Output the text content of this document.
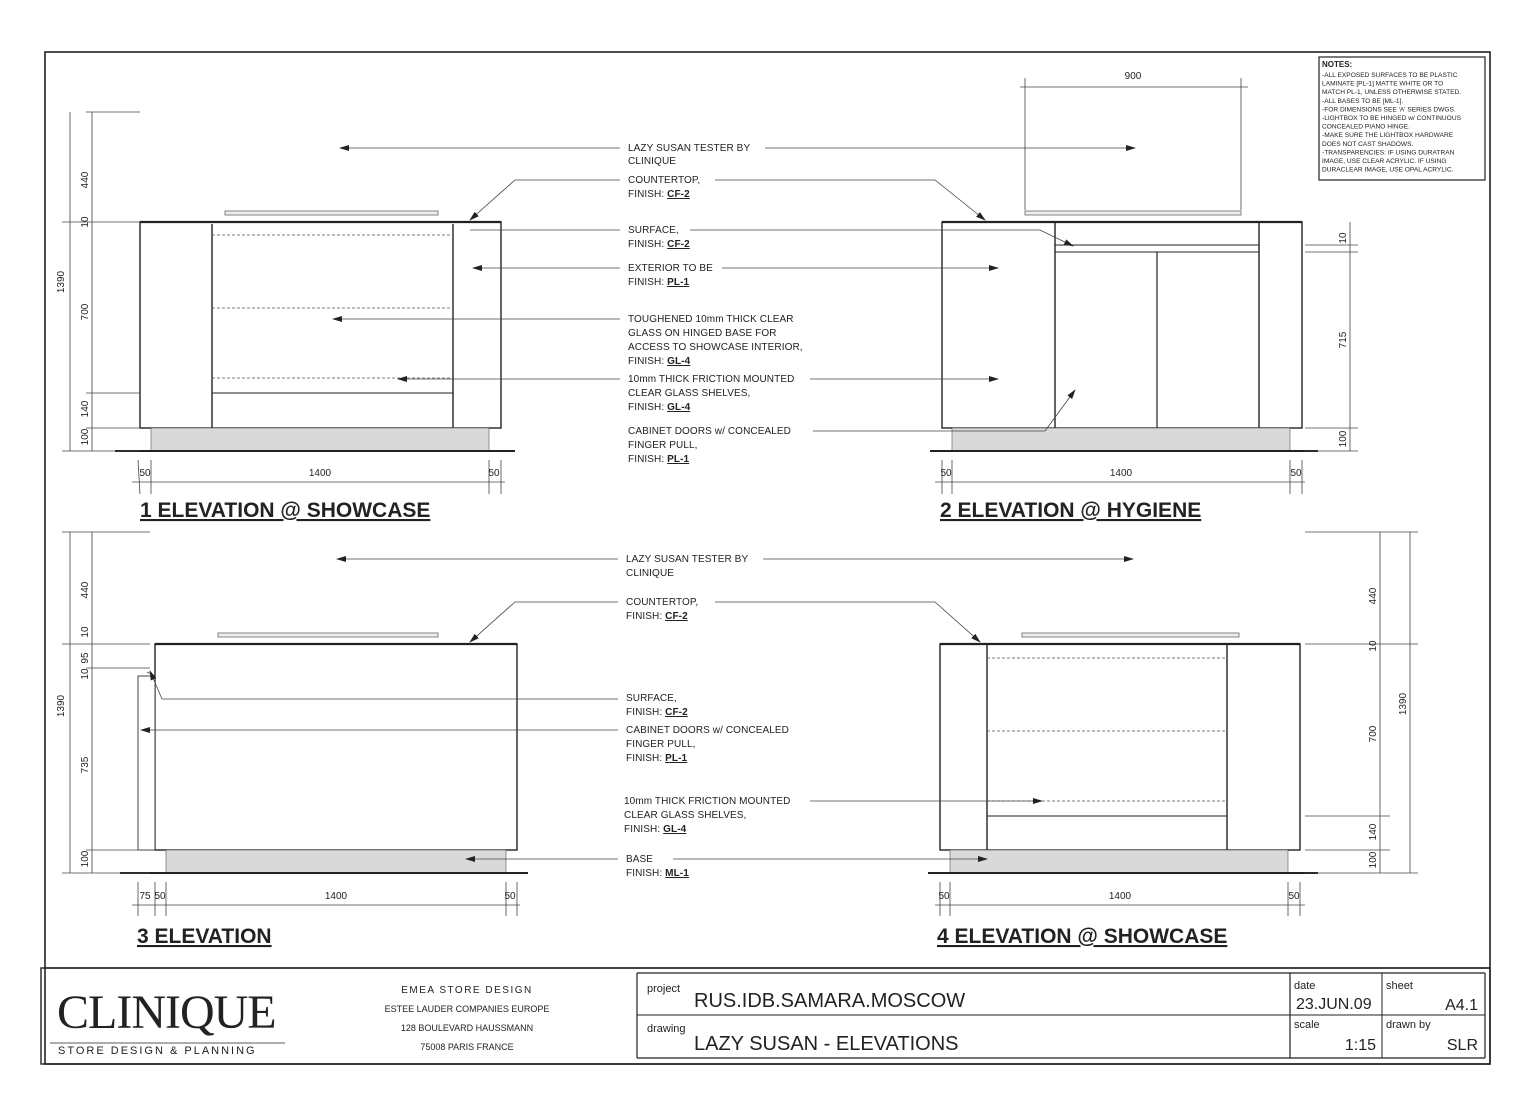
NOTES:
-ALL EXPOSED SURFACES TO BE PLASTIC
LAMINATE [PL-1] MATTE WHITE OR TO
MATCH PL-1, UNLESS OTHERWISE STATED.
-ALL BASES TO BE [ML-1].
-FOR DIMENSIONS SEE 'A' SERIES DWGS.
-LIGHTBOX TO BE HINGED w/ CONTINUOUS
CONCEALED PIANO HINGE.
-MAKE SURE THE LIGHTBOX HARDWARE
DOES NOT CAST SHADOWS.
-TRANSPARENCIES: IF USING DURATRAN
IMAGE, USE CLEAR ACRYLIC. IF USING
DURACLEAR IMAGE, USE OPAL ACRYLIC.
LAZY SUSAN TESTER BY
CLINIQUE
COUNTERTOP,
FINISH: CF-2
SURFACE,
FINISH: CF-2
EXTERIOR TO BE
FINISH: PL-1
TOUGHENED 10mm THICK CLEAR
GLASS ON HINGED BASE FOR
ACCESS TO SHOWCASE INTERIOR,
FINISH: GL-4
10mm THICK FRICTION MOUNTED
CLEAR GLASS SHELVES,
FINISH: GL-4
CABINET DOORS w/ CONCEALED
FINGER PULL,
FINISH: PL-1
LAZY SUSAN TESTER BY
CLINIQUE
COUNTERTOP,
FINISH: CF-2
SURFACE,
FINISH: CF-2
CABINET DOORS w/ CONCEALED
FINGER PULL,
FINISH: PL-1
10mm THICK FRICTION MOUNTED
CLEAR GLASS SHELVES,
FINISH: GL-4
BASE
FINISH: ML-1
440
10
1390
700
140
100
50	1400	50
900
10
715
100
50	1400	50
440
10
95
10
1390
735
100
75 50	1400	50
440
10
1390
700
140
100
50	1400	50
1 ELEVATION @ SHOWCASE	2 ELEVATION @ HYGIENE
3 ELEVATION	4 ELEVATION @ SHOWCASE
CLINIQUE
STORE DESIGN & PLANNING
EMEA STORE DESIGN
ESTEE LAUDER COMPANIES EUROPE
128 BOULEVARD HAUSSMANN
75008 PARIS FRANCE
project
RUS.IDB.SAMARA.MOSCOW
drawing
LAZY SUSAN - ELEVATIONS
date
23.JUN.09
sheet
A4.1
scale
1:15
drawn by
SLR
